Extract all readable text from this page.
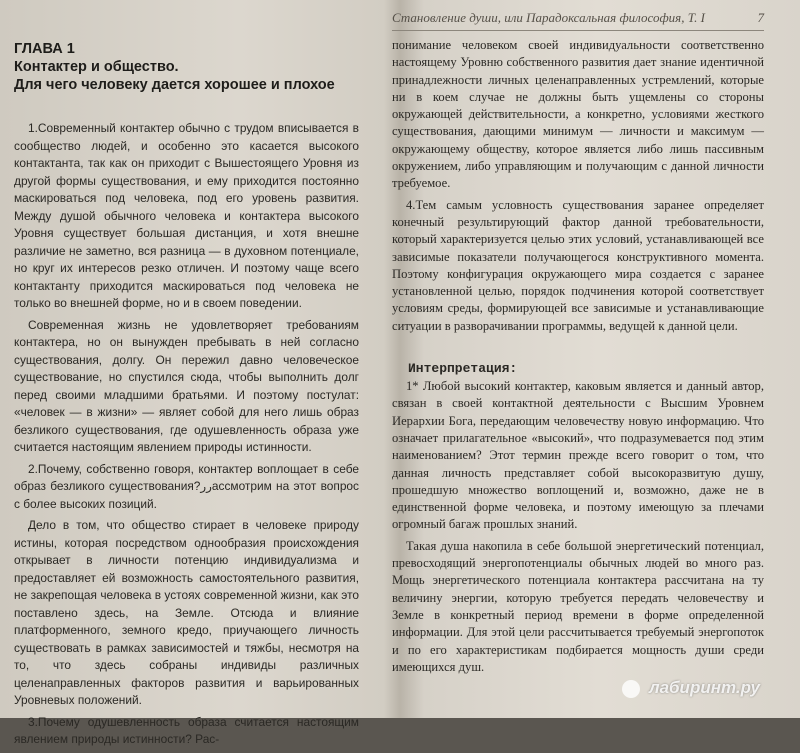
ГЛАВА 1
Контактер и общество.
Для чего человеку дается хорошее и плохое

1.Современный контактер обычно с трудом вписывается в сообщество людей, и особенно это касается высокого контактанта, так как он приходит с Вышестоящего Уровня из другой формы существования, и ему приходится постоянно маскироваться под человека, под его уровень развития. Между душой обычного человека и контактера высокого Уровня существует большая дистанция, и хотя внешне различие не заметно, вся разница — в духовном потенциале, но круг их интересов резко отличен. И поэтому чаще всего контактанту приходится маскироваться под человека не только во внешней форме, но и в своем поведении.

Современная жизнь не удовлетворяет требованиям контактера, но он вынужден пребывать в ней согласно существования, долгу. Он пережил давно человеческое существование, но спустился сюда, чтобы выполнить долг перед своими младшими братьями. И поэтому постулат: «человек — в жизни» — являет собой для него лишь образ безликого существования, где одушевленность образа уже считается настоящим явлением природы истинности.

2.Почему, собственно говоря, контактер воплощает в себе образ безликого существования?ررассмотрим на этот вопрос с более высоких позиций.

Дело в том, что общество стирает в человеке природу истины, которая посредством однообразия происхождения открывает в личности потенцию индивидуализма и предоставляет ей возможность самостоятельного развития, не закрепощая человека в устоях современной жизни, как это поставлено здесь, на Земле. Отсюда и влияние платформенного, земного кредо, приучающего личность существовать в рамках зависимостей и тяжбы, несмотря на то, что здесь собраны индивиды различных целенаправленных факторов развития и варьированных Уровневых положений.

3.Почему одушевленность образа считается настоящим явлением природы истинности? Рас-

Становление души, или Парадоксальная философия, Т. I	7

понимание человеком своей индивидуальности соответственно настоящему Уровню собственного развития дает знание идентичной принадлежности личных целенаправленных устремлений, которые ни в коем случае не должны быть ущемлены со стороны окружающей действительности, а конкретно, условиями жесткого существования, дающими минимум — личности и максимум — окружающему обществу, которое является либо лишь пассивным окружением, либо управляющим и получающим с данной личности требуемое.

4.Тем самым условность существования заранее определяет конечный результирующий фактор данной требовательности, который характеризуется целью этих условий, устанавливающей все зависимые показатели получающегося конструктивного момента. Поэтому конфигурация окружающего мира создается с заранее установленной целью, порядок подчинения которой соответствует условиям среды, формирующей все зависимые и устанавливающие ситуации в разворачивании программы, ведущей к данной цели.

Интерпретация:

1* Любой высокий контактер, каковым является и данный автор, связан в своей контактной деятельности с Высшим Уровнем Иерархии Бога, передающим человечеству новую информацию. Что означает прилагательное «высокий», что подразумевается под этим наименованием? Этот термин прежде всего говорит о том, что данная личность представляет собой высокоразвитую душу, прошедшую множество воплощений и, возможно, даже не в единственной форме человека, и поэтому имеющую за плечами огромный багаж прошлых знаний.

Такая душа накопила в себе большой энергетический потенциал, превосходящий энергопотенциалы обычных людей во много раз. Мощь энергетического потенциала контактера рассчитана на ту величину энергии, которую требуется передать человечеству и Земле в конкретный период времени в форме определенной информации. Для этой цели рассчитывается требуемый энергопоток и по его характеристикам подбирается мощность души среди имеющихся душ.

лабиринт.ру
